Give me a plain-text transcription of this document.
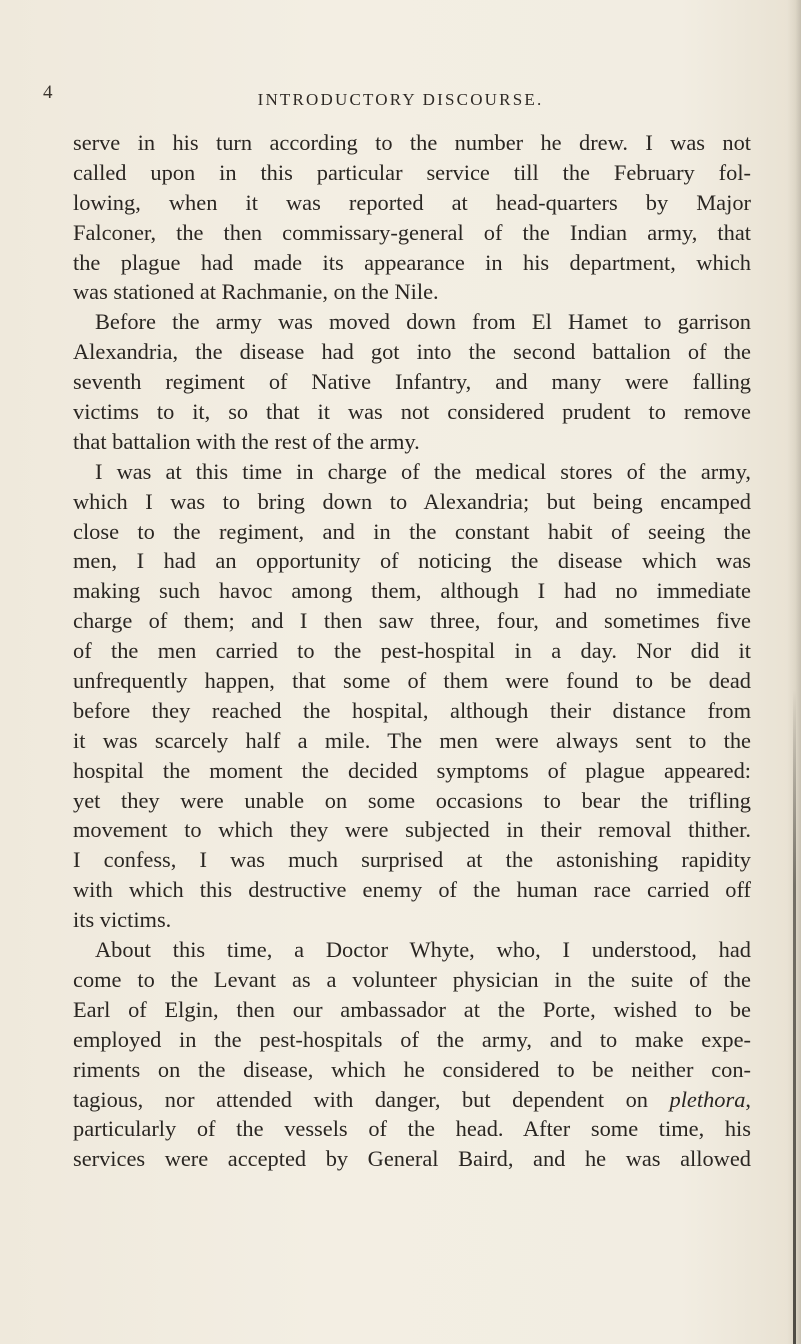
4	INTRODUCTORY DISCOURSE.
serve in his turn according to the number he drew. I was not
called upon in this particular service till the February fol-
lowing, when it was reported at head-quarters by Major
Falconer, the then commissary-general of the Indian army, that
the plague had made its appearance in his department, which
was stationed at Rachmanie, on the Nile.
Before the army was moved down from El Hamet to garrison
Alexandria, the disease had got into the second battalion of the
seventh regiment of Native Infantry, and many were falling
victims to it, so that it was not considered prudent to remove
that battalion with the rest of the army.
I was at this time in charge of the medical stores of the army,
which I was to bring down to Alexandria; but being encamped
close to the regiment, and in the constant habit of seeing the
men, I had an opportunity of noticing the disease which was
making such havoc among them, although I had no immediate
charge of them; and I then saw three, four, and sometimes five
of the men carried to the pest-hospital in a day. Nor did it
unfrequently happen, that some of them were found to be dead
before they reached the hospital, although their distance from
it was scarcely half a mile. The men were always sent to the
hospital the moment the decided symptoms of plague appeared:
yet they were unable on some occasions to bear the trifling
movement to which they were subjected in their removal thither.
I confess, I was much surprised at the astonishing rapidity
with which this destructive enemy of the human race carried off
its victims.
About this time, a Doctor Whyte, who, I understood, had
come to the Levant as a volunteer physician in the suite of the
Earl of Elgin, then our ambassador at the Porte, wished to be
employed in the pest-hospitals of the army, and to make expe-
riments on the disease, which he considered to be neither con-
tagious, nor attended with danger, but dependent on plethora,
particularly of the vessels of the head. After some time, his
services were accepted by General Baird, and he was allowed
